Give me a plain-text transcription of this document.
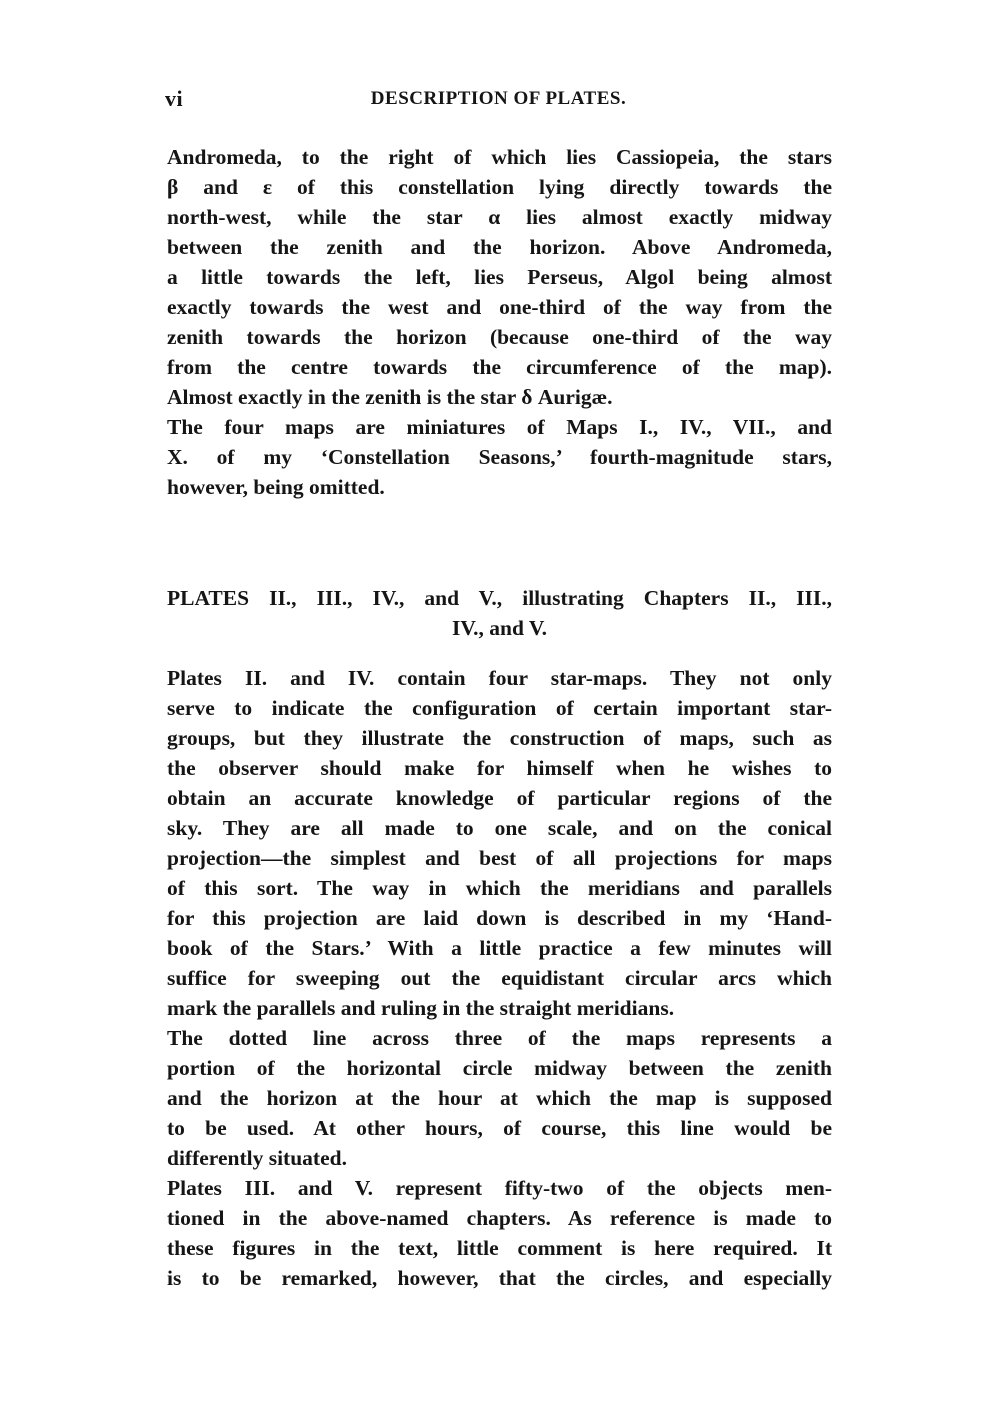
vi	DESCRIPTION OF PLATES.
Andromeda, to the right of which lies Cassiopeia, the stars
β and ε of this constellation lying directly towards the
north-west, while the star α lies almost exactly midway
between the zenith and the horizon. Above Andromeda,
a little towards the left, lies Perseus, Algol being almost
exactly towards the west and one-third of the way from the
zenith towards the horizon (because one-third of the way
from the centre towards the circumference of the map).
Almost exactly in the zenith is the star δ Aurigæ.
The four maps are miniatures of Maps I., IV., VII., and
X. of my ‘Constellation Seasons,’ fourth-magnitude stars,
however, being omitted.
PLATES II., III., IV., and V., illustrating Chapters II., III.,
IV., and V.
Plates II. and IV. contain four star-maps. They not only
serve to indicate the configuration of certain important star-
groups, but they illustrate the construction of maps, such as
the observer should make for himself when he wishes to
obtain an accurate knowledge of particular regions of the
sky. They are all made to one scale, and on the conical
projection—the simplest and best of all projections for maps
of this sort. The way in which the meridians and parallels
for this projection are laid down is described in my ‘Hand-
book of the Stars.’ With a little practice a few minutes will
suffice for sweeping out the equidistant circular arcs which
mark the parallels and ruling in the straight meridians.
The dotted line across three of the maps represents a
portion of the horizontal circle midway between the zenith
and the horizon at the hour at which the map is supposed
to be used. At other hours, of course, this line would be
differently situated.
Plates III. and V. represent fifty-two of the objects men-
tioned in the above-named chapters. As reference is made to
these figures in the text, little comment is here required. It
is to be remarked, however, that the circles, and especially
